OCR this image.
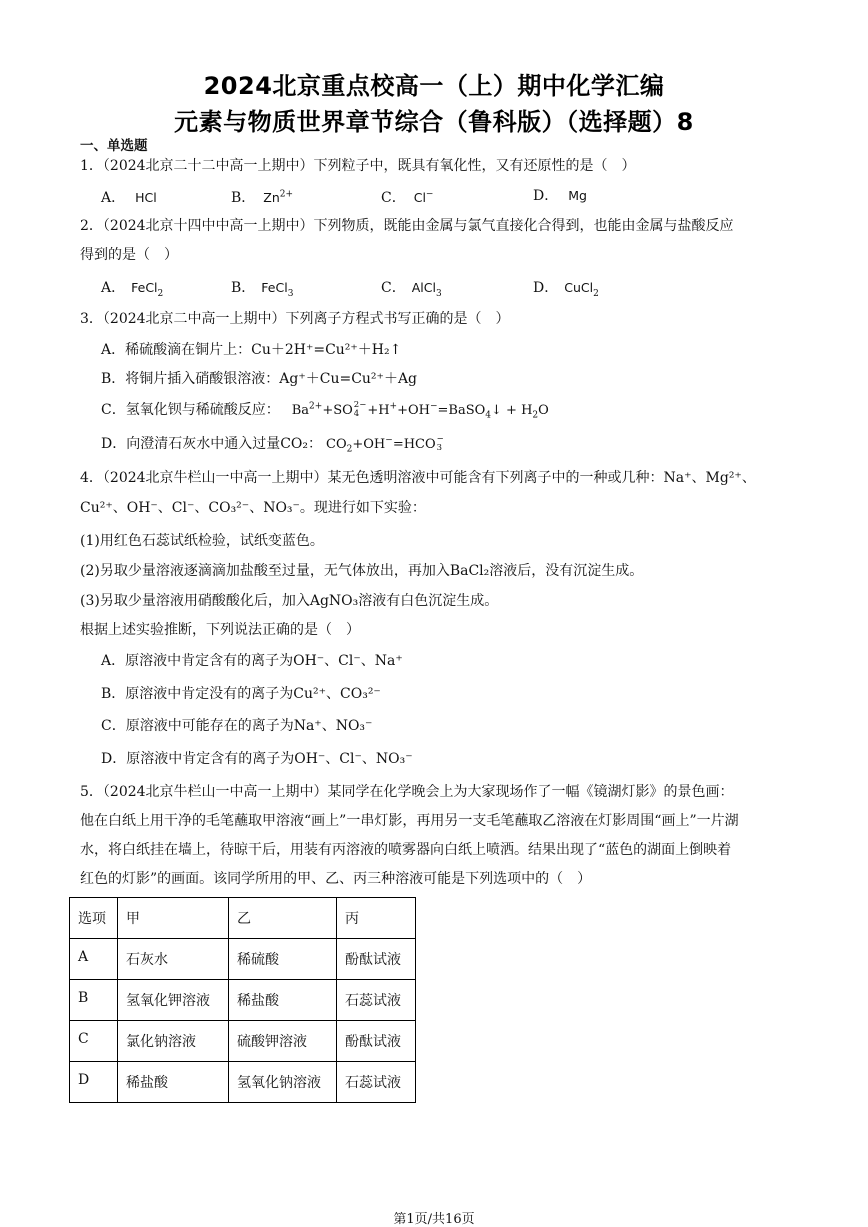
2024北京重点校高一（上）期中化学汇编
元素与物质世界章节综合（鲁科版）（选择题）8
一、单选题
1．（2024北京二十二中高一上期中）下列粒子中，既具有氧化性，又有还原性的是（　）
A． HCl	B． $Zn^{2+}$	C． Cl−	D． Mg
2．（2024北京十四中中高一上期中）下列物质，既能由金属与氯气直接化合得到，也能由金属与盐酸反应
得到的是（　）
A． FeCl$_2$	B． FeCl$_3$	C． AlCl$_3$	D． CuCl$_2$
3．（2024北京二中高一上期中）下列离子方程式书写正确的是（　）
A．稀硫酸滴在铜片上：Cu＋2H⁺=Cu²⁺＋H₂↑
B．将铜片插入硝酸银溶液：Ag⁺＋Cu=Cu²⁺＋Ag
C．氢氧化钡与稀硫酸反应： $Ba^{2+}+SO$ 2−
4 +H++OH−=BaSO$_4$↓ + $H_2O$
D．向澄清石灰水中通入过量CO₂： $CO_2+OH^-=HCO$ −
3
4．（2024北京牛栏山一中高一上期中）某无色透明溶液中可能含有下列离子中的一种或几种：Na⁺、Mg²⁺、
Cu²⁺、OH⁻、Cl⁻、CO₃²⁻、NO₃⁻。现进行如下实验：
(1)用红色石蕊试纸检验，试纸变蓝色。
(2)另取少量溶液逐滴滴加盐酸至过量，无气体放出，再加入BaCl₂溶液后，没有沉淀生成。
(3)另取少量溶液用硝酸酸化后，加入AgNO₃溶液有白色沉淀生成。
根据上述实验推断，下列说法正确的是（　）
A．原溶液中肯定含有的离子为OH⁻、Cl⁻、Na⁺
B．原溶液中肯定没有的离子为Cu²⁺、CO₃²⁻
C．原溶液中可能存在的离子为Na⁺、NO₃⁻
D．原溶液中肯定含有的离子为OH⁻、Cl⁻、NO₃⁻
5．（2024北京牛栏山一中高一上期中）某同学在化学晚会上为大家现场作了一幅《镜湖灯影》的景色画：
他在白纸上用干净的毛笔蘸取甲溶液“画上”一串灯影，再用另一支毛笔蘸取乙溶液在灯影周围“画上”一片湖
水，将白纸挂在墙上，待晾干后，用装有丙溶液的喷雾器向白纸上喷洒。结果出现了“蓝色的湖面上倒映着
红色的灯影”的画面。该同学所用的甲、乙、丙三种溶液可能是下列选项中的（　）
选项	甲	乙	丙
A	石灰水	稀硫酸	酚酞试液
B	氢氧化钾溶液	稀盐酸	石蕊试液
C	氯化钠溶液	硫酸钾溶液	酚酞试液
D	稀盐酸	氢氧化钠溶液	石蕊试液
第1页/共16页
